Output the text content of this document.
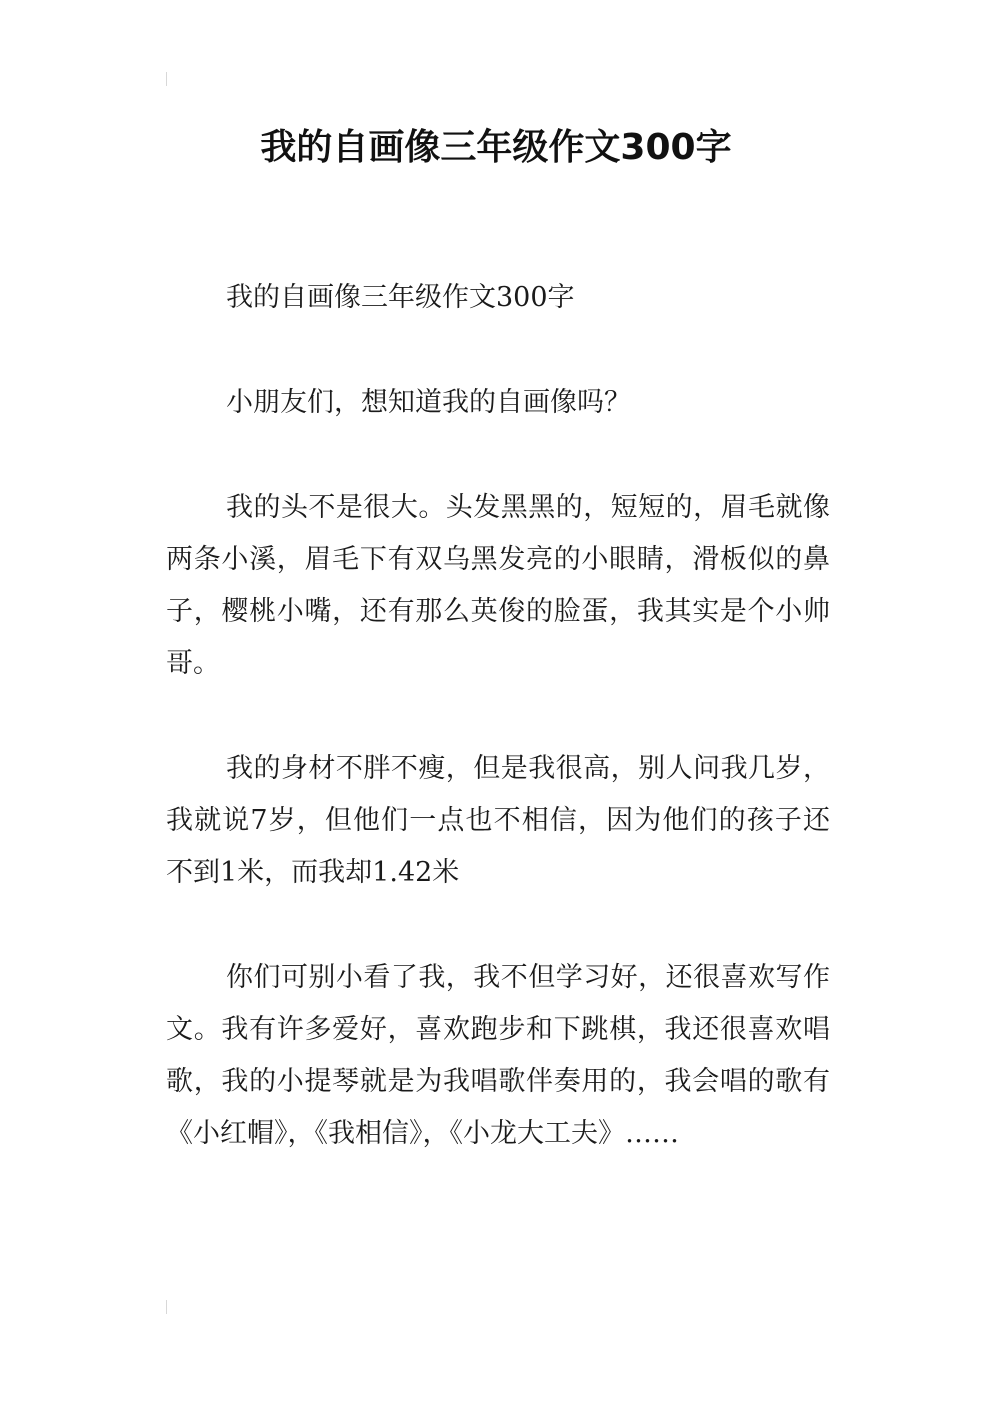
我的自画像三年级作文300字

我的自画像三年级作文300字

小朋友们，想知道我的自画像吗？

我的头不是很大。头发黑黑的，短短的，眉毛就像两条小溪，眉毛下有双乌黑发亮的小眼睛，滑板似的鼻子，樱桃小嘴，还有那么英俊的脸蛋，我其实是个小帅哥。

我的身材不胖不瘦，但是我很高，别人问我几岁，我就说7岁，但他们一点也不相信，因为他们的孩子还不到1米，而我却1.42米

你们可别小看了我，我不但学习好，还很喜欢写作文。我有许多爱好，喜欢跑步和下跳棋，我还很喜欢唱歌，我的小提琴就是为我唱歌伴奏用的，我会唱的歌有《小红帽》，《我相信》，《小龙大工夫》……
